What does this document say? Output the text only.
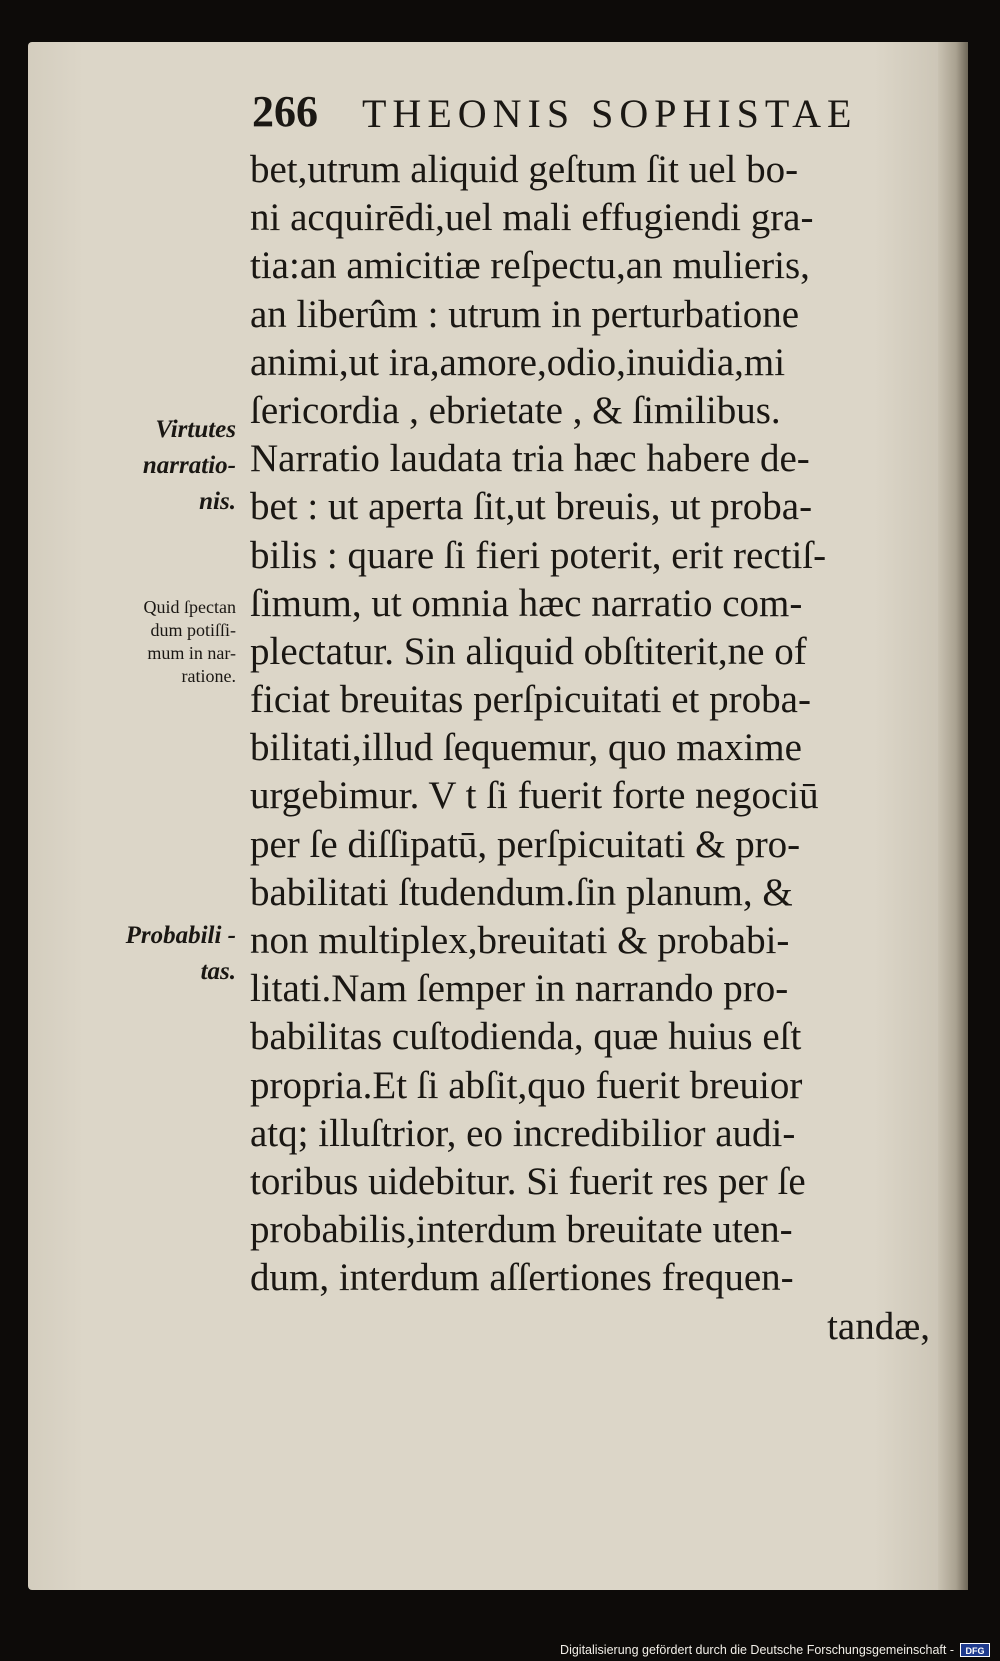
266 THEONIS SOPHISTAE
Virtutes
narratio-
nis.
Quid ſpectan
dum potiſſi-
mum in nar-
ratione.
Probabili -
tas.
bet,utrum aliquid geſtum ſit uel bo-
ni acquirēdi,uel mali effugiendi gra-
tia:an amicitiæ reſpectu,an mulieris,
an liberûm : utrum in perturbatione
animi,ut ira,amore,odio,inuidia,mi
ſericordia , ebrietate , & ſimilibus.
Narratio laudata tria hæc habere de-
bet : ut aperta ſit,ut breuis, ut proba-
bilis : quare ſi fieri poterit, erit rectiſ-
ſimum, ut omnia hæc narratio com-
plectatur. Sin aliquid obſtiterit,ne of
ficiat breuitas perſpicuitati et proba-
bilitati,illud ſequemur, quo maxime
urgebimur. V t ſi fuerit forte negociū
per ſe diſſipatū, perſpicuitati & pro-
babilitati ſtudendum.ſin planum, &
non multiplex,breuitati & probabi-
litati.Nam ſemper in narrando pro-
babilitas cuſtodienda, quæ huius eſt
propria.Et ſi abſit,quo fuerit breuior
atq; illuſtrior, eo incredibilior audi-
toribus uidebitur. Si fuerit res per ſe
probabilis,interdum breuitate uten-
dum, interdum aſſertiones frequen-
tandæ,
Digitalisierung gefördert durch die Deutsche Forschungsgemeinschaft -	DFG
